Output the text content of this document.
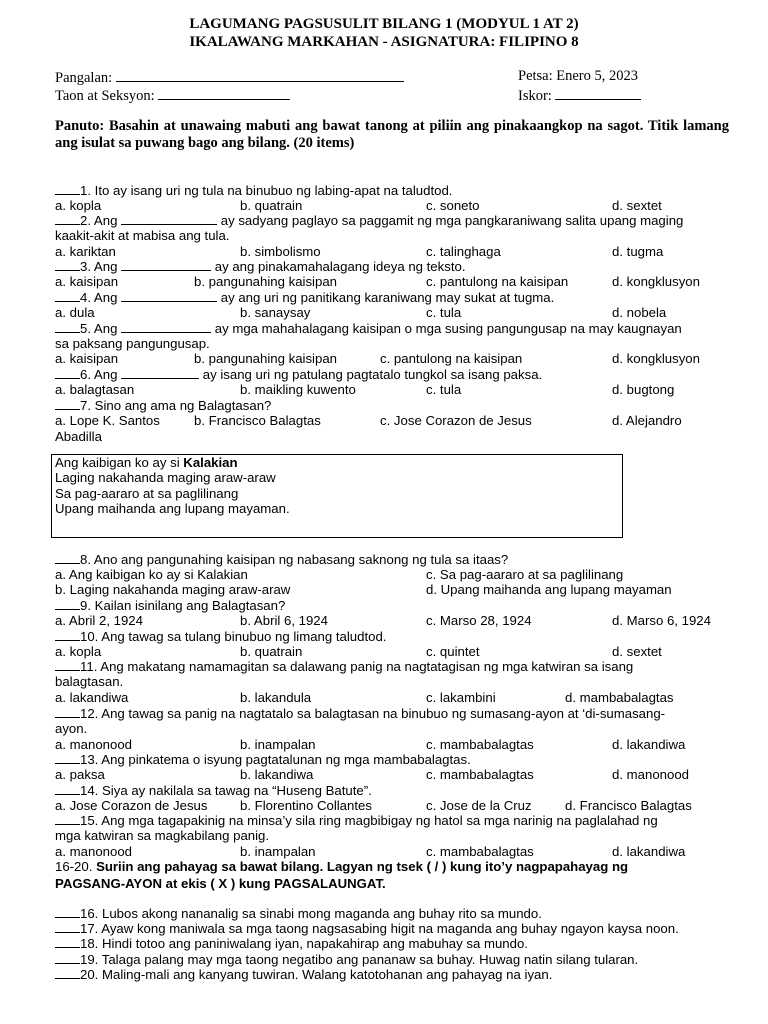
LAGUMANG PAGSUSULIT BILANG 1 (MODYUL 1 AT 2)
IKALAWANG MARKAHAN - ASIGNATURA: FILIPINO 8
Pangalan:
Taon at Seksyon:
Petsa: Enero 5, 2023
Iskor:
Panuto: Basahin at unawaing mabuti ang bawat tanong at piliin ang pinakaangkop na sagot. Titik lamang ang isulat sa puwang bago ang bilang. (20 items)
1. Ito ay isang uri ng tula na binubuo ng labing-apat na taludtod.
a. kopla	b. quatrain	c. soneto	d. sextet
2. Ang	ay sadyang paglayo sa paggamit ng mga pangkaraniwang salita upang maging
kaakit-akit at mabisa ang tula.
a. kariktan	b. simbolismo	c. talinghaga	d. tugma
3. Ang	ay ang pinakamahalagang ideya ng teksto.
a. kaisipan	b. pangunahing kaisipan	c. pantulong na kaisipan	d. kongklusyon
4. Ang	ay ang uri ng panitikang karaniwang may sukat at tugma.
a. dula	b. sanaysay	c. tula	d. nobela
5. Ang	ay mga mahahalagang kaisipan o mga susing pangungusap na may kaugnayan
sa paksang pangungusap.
a. kaisipan	b. pangunahing kaisipan	c. pantulong na kaisipan	d. kongklusyon
6. Ang	ay isang uri ng patulang pagtatalo tungkol sa isang paksa.
a. balagtasan	b. maikling kuwento	c. tula	d. bugtong
7. Sino ang ama ng Balagtasan?
a. Lope K. Santos	b. Francisco Balagtas	c. Jose Corazon de Jesus	d. Alejandro
Abadilla
Ang kaibigan ko ay si Kalakian
Laging nakahanda maging araw-araw
Sa pag-aararo at sa paglilinang
Upang maihanda ang lupang mayaman.
8. Ano ang pangunahing kaisipan ng nabasang saknong ng tula sa itaas?
a. Ang kaibigan ko ay si Kalakian	c. Sa pag-aararo at sa paglilinang
b. Laging nakahanda maging araw-araw	d. Upang maihanda ang lupang mayaman
9. Kailan isinilang ang Balagtasan?
a. Abril 2, 1924	b. Abril 6, 1924	c. Marso 28, 1924	d. Marso 6, 1924
10. Ang tawag sa tulang binubuo ng limang taludtod.
a. kopla	b. quatrain	c. quintet	d. sextet
11. Ang makatang namamagitan sa dalawang panig na nagtatagisan ng mga katwiran sa isang
balagtasan.
a. lakandiwa	b. lakandula	c. lakambini	d. mambabalagtas
12. Ang tawag sa panig na nagtatalo sa balagtasan na binubuo ng sumasang-ayon at ‘di-sumasang-
ayon.
a. manonood	b. inampalan	c. mambabalagtas	d. lakandiwa
13. Ang pinkatema o isyung pagtatalunan ng mga mambabalagtas.
a. paksa	b. lakandiwa	c. mambabalagtas	d. manonood
14. Siya ay nakilala sa tawag na “Huseng Batute”.
a. Jose Corazon de Jesus b. Florentino Collantes	c. Jose de la Cruz	d. Francisco Balagtas
15. Ang mga tagapakinig na minsa’y sila ring magbibigay ng hatol sa mga narinig na paglalahad ng
mga katwiran sa magkabilang panig.
a. manonood	b. inampalan	c. mambabalagtas	d. lakandiwa
16-20. Suriin ang pahayag sa bawat bilang. Lagyan ng tsek ( / ) kung ito’y nagpapahayag ng
PAGSANG-AYON at ekis ( X ) kung PAGSALAUNGAT.
16. Lubos akong nananalig sa sinabi mong maganda ang buhay rito sa mundo.
17. Ayaw kong maniwala sa mga taong nagsasabing higit na maganda ang buhay ngayon kaysa noon.
18. Hindi totoo ang paniniwalang iyan, napakahirap ang mabuhay sa mundo.
19. Talaga palang may mga taong negatibo ang pananaw sa buhay. Huwag natin silang tularan.
20. Maling-mali ang kanyang tuwiran. Walang katotohanan ang pahayag na iyan.
